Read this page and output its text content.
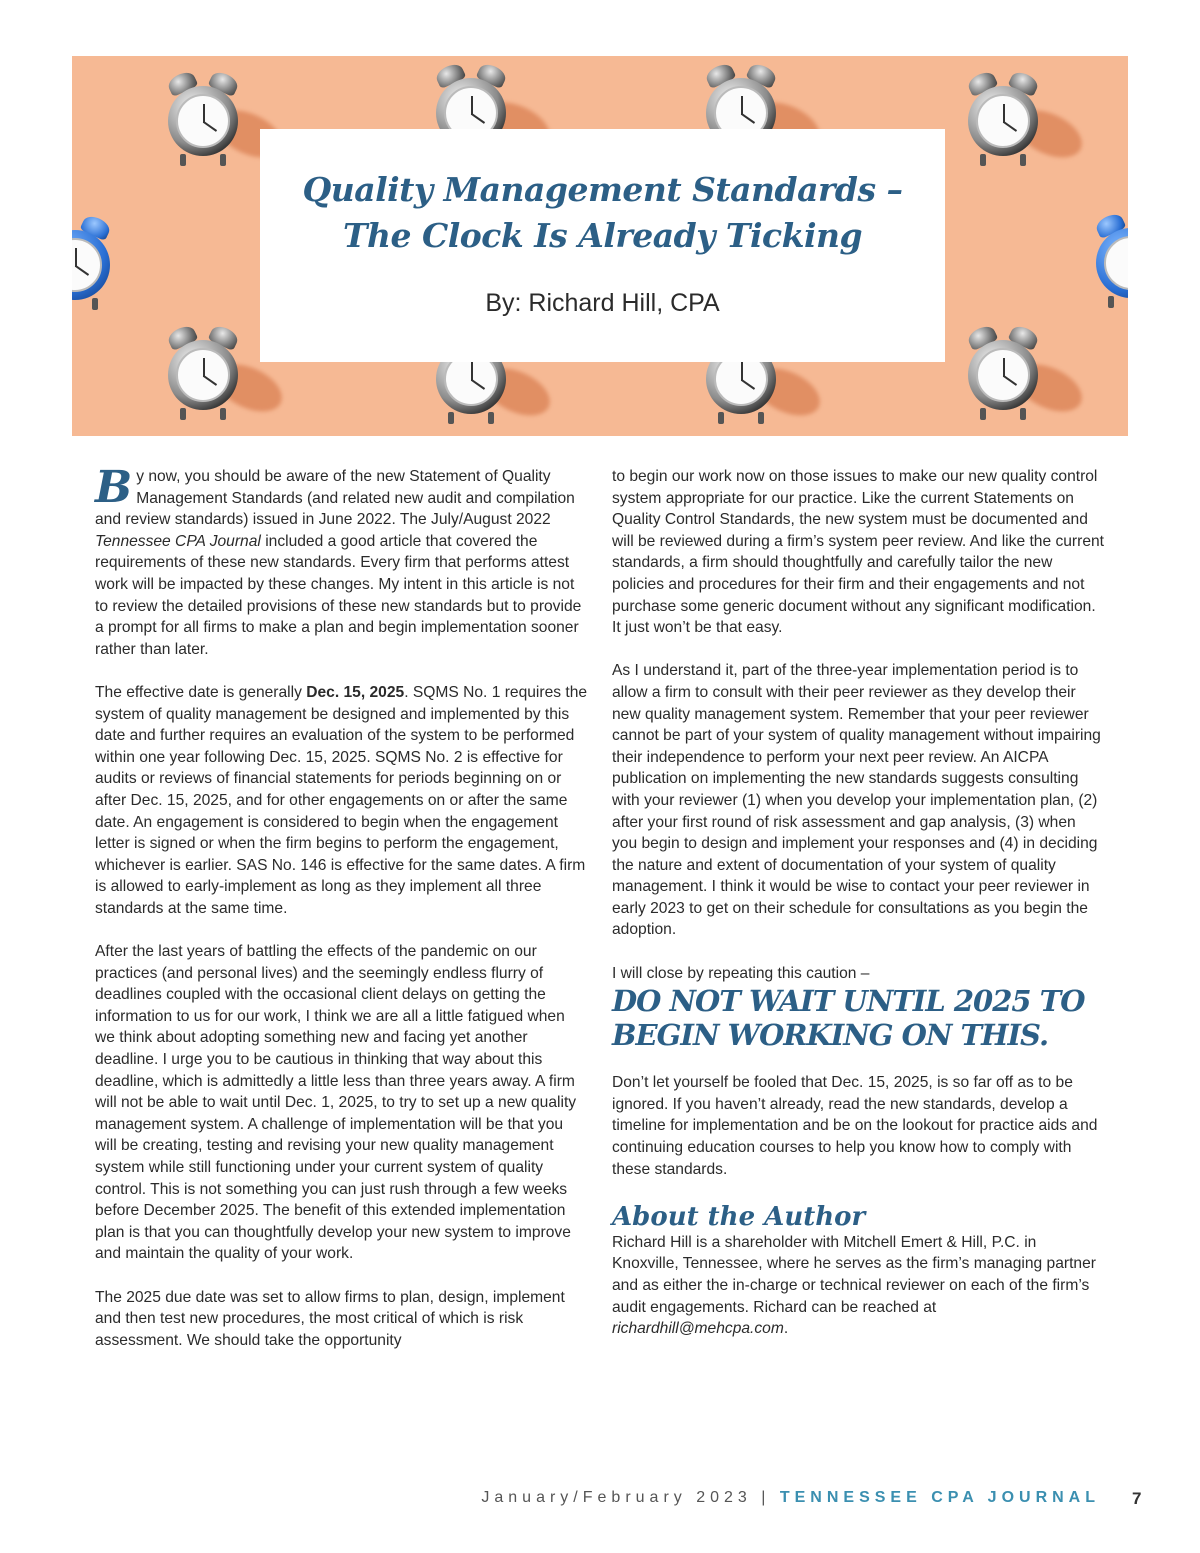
Quality Management Standards –
The Clock Is Already Ticking
By: Richard Hill, CPA

By now, you should be aware of the new Statement of Quality Management Standards (and related new audit and compilation and review standards) issued in June 2022. The July/August 2022 Tennessee CPA Journal included a good article that covered the requirements of these new standards. Every firm that performs attest work will be impacted by these changes. My intent in this article is not to review the detailed provisions of these new standards but to provide a prompt for all firms to make a plan and begin implementation sooner rather than later.

The effective date is generally Dec. 15, 2025. SQMS No. 1 requires the system of quality management be designed and implemented by this date and further requires an evaluation of the system to be performed within one year following Dec. 15, 2025. SQMS No. 2 is effective for audits or reviews of financial statements for periods beginning on or after Dec. 15, 2025, and for other engagements on or after the same date. An engagement is considered to begin when the engagement letter is signed or when the firm begins to perform the engagement, whichever is earlier. SAS No. 146 is effective for the same dates. A firm is allowed to early-implement as long as they implement all three standards at the same time.

After the last years of battling the effects of the pandemic on our practices (and personal lives) and the seemingly endless flurry of deadlines coupled with the occasional client delays on getting the information to us for our work, I think we are all a little fatigued when we think about adopting something new and facing yet another deadline. I urge you to be cautious in thinking that way about this deadline, which is admittedly a little less than three years away. A firm will not be able to wait until Dec. 1, 2025, to try to set up a new quality management system. A challenge of implementation will be that you will be creating, testing and revising your new quality management system while still functioning under your current system of quality control. This is not something you can just rush through a few weeks before December 2025. The benefit of this extended implementation plan is that you can thoughtfully develop your new system to improve and maintain the quality of your work.

The 2025 due date was set to allow firms to plan, design, implement and then test new procedures, the most critical of which is risk assessment. We should take the opportunity

to begin our work now on those issues to make our new quality control system appropriate for our practice. Like the current Statements on Quality Control Standards, the new system must be documented and will be reviewed during a firm’s system peer review. And like the current standards, a firm should thoughtfully and carefully tailor the new policies and procedures for their firm and their engagements and not purchase some generic document without any significant modification. It just won’t be that easy.

As I understand it, part of the three-year implementation period is to allow a firm to consult with their peer reviewer as they develop their new quality management system. Remember that your peer reviewer cannot be part of your system of quality management without impairing their independence to perform your next peer review. An AICPA publication on implementing the new standards suggests consulting with your reviewer (1) when you develop your implementation plan, (2) after your first round of risk assessment and gap analysis, (3) when you begin to design and implement your responses and (4) in deciding the nature and extent of documentation of your system of quality management. I think it would be wise to contact your peer reviewer in early 2023 to get on their schedule for consultations as you begin the adoption.

I will close by repeating this caution –

DO NOT WAIT UNTIL 2025 TO BEGIN WORKING ON THIS.

Don’t let yourself be fooled that Dec. 15, 2025, is so far off as to be ignored. If you haven’t already, read the new standards, develop a timeline for implementation and be on the lookout for practice aids and continuing education courses to help you know how to comply with these standards.

About the Author

Richard Hill is a shareholder with Mitchell Emert & Hill, P.C. in Knoxville, Tennessee, where he serves as the firm’s managing partner and as either the in-charge or technical reviewer on each of the firm’s audit engagements. Richard can be reached at richardhill@mehcpa.com.

January/February 2023 | TENNESSEE CPA JOURNAL 7
